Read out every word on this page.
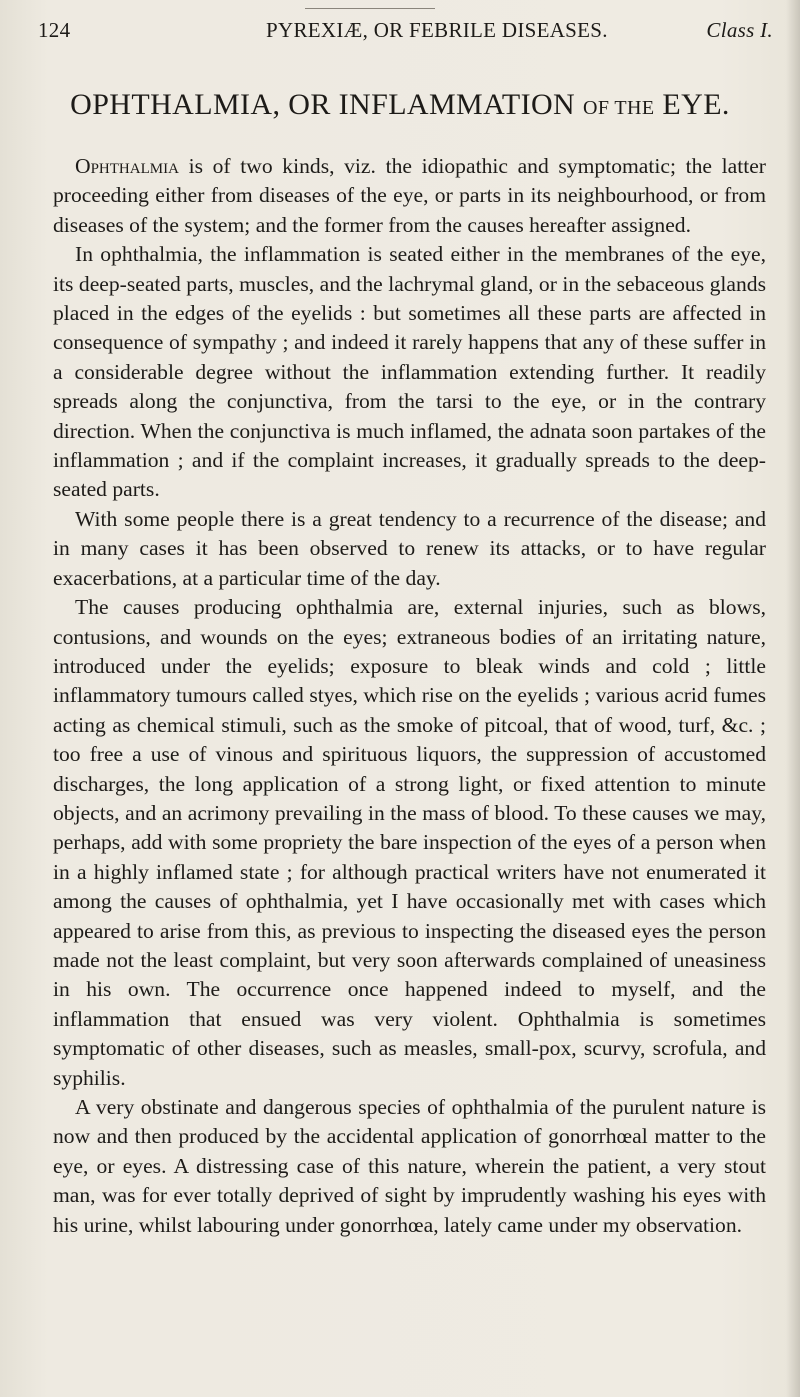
124	PYREXIÆ, OR FEBRILE DISEASES.	Class I.
OPHTHALMIA, OR INFLAMMATION OF THE EYE.

Ophthalmia is of two kinds, viz. the idiopathic and symptomatic; the latter proceeding either from diseases of the eye, or parts in its neighbourhood, or from diseases of the system; and the former from the causes hereafter assigned.

In ophthalmia, the inflammation is seated either in the membranes of the eye, its deep-seated parts, muscles, and the lachrymal gland, or in the sebaceous glands placed in the edges of the eyelids : but sometimes all these parts are affected in consequence of sympathy ; and indeed it rarely happens that any of these suffer in a considerable degree without the inflammation extending further. It readily spreads along the conjunctiva, from the tarsi to the eye, or in the contrary direction. When the conjunctiva is much inflamed, the adnata soon partakes of the inflammation ; and if the complaint increases, it gradually spreads to the deep-seated parts.

With some people there is a great tendency to a recurrence of the disease; and in many cases it has been observed to renew its attacks, or to have regular exacerbations, at a particular time of the day.

The causes producing ophthalmia are, external injuries, such as blows, contusions, and wounds on the eyes; extraneous bodies of an irritating nature, introduced under the eyelids; exposure to bleak winds and cold ; little inflammatory tumours called styes, which rise on the eyelids ; various acrid fumes acting as chemical stimuli, such as the smoke of pitcoal, that of wood, turf, &c. ; too free a use of vinous and spirituous liquors, the suppression of accustomed discharges, the long application of a strong light, or fixed attention to minute objects, and an acrimony prevailing in the mass of blood. To these causes we may, perhaps, add with some propriety the bare inspection of the eyes of a person when in a highly inflamed state ; for although practical writers have not enumerated it among the causes of ophthalmia, yet I have occasionally met with cases which appeared to arise from this, as previous to inspecting the diseased eyes the person made not the least complaint, but very soon afterwards complained of uneasiness in his own. The occurrence once happened indeed to myself, and the inflammation that ensued was very violent. Ophthalmia is sometimes symptomatic of other diseases, such as measles, small-pox, scurvy, scrofula, and syphilis.

A very obstinate and dangerous species of ophthalmia of the purulent nature is now and then produced by the accidental application of gonorrhœal matter to the eye, or eyes. A distressing case of this nature, wherein the patient, a very stout man, was for ever totally deprived of sight by imprudently washing his eyes with his urine, whilst labouring under gonorrhœa, lately came under my observation.
